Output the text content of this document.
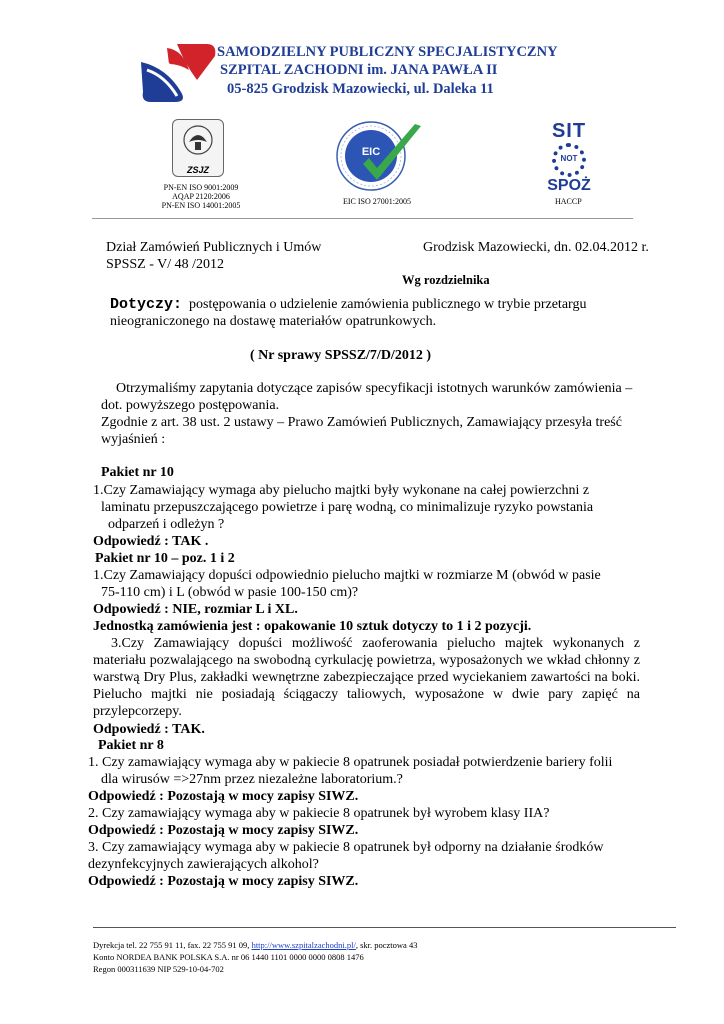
SAMODZIELNY PUBLICZNY SPECJALISTYCZNY
SZPITAL ZACHODNI im. JANA PAWŁA II
05-825 Grodzisk Mazowiecki, ul. Daleka 11
ZSJZ
PN-EN ISO 9001:2009
AQAP 2120:2006
PN-EN ISO 14001:2005
EIC
EIC ISO 27001:2005
SIT
NOT
SPOŻ
HACCP
Dział Zamówień Publicznych i Umów	Grodzisk Mazowiecki, dn. 02.04.2012 r.
SPSSZ - V/ 48 /2012
Wg rozdzielnika
Dotyczy: postępowania o udzielenie zamówienia publicznego w trybie przetargu
nieograniczonego na dostawę materiałów opatrunkowych.
( Nr sprawy SPSSZ/7/D/2012 )
Otrzymaliśmy zapytania dotyczące zapisów specyfikacji istotnych warunków zamówienia –
dot. powyższego postępowania.
Zgodnie z art. 38 ust. 2 ustawy – Prawo Zamówień Publicznych, Zamawiający przesyła treść
wyjaśnień :
Pakiet nr 10
1.Czy Zamawiający wymaga aby pielucho majtki były wykonane na całej powierzchni z
laminatu przepuszczającego powietrze i parę wodną, co minimalizuje ryzyko powstania
odparzeń i odleżyn ?
Odpowiedź : TAK .
Pakiet nr 10 – poz. 1 i 2
1.Czy Zamawiający dopuści odpowiednio pielucho majtki w rozmiarze M (obwód w pasie
75-110 cm) i L (obwód w pasie 100-150 cm)?
Odpowiedź : NIE, rozmiar L i XL.
Jednostką zamówienia jest : opakowanie 10 sztuk dotyczy to 1 i 2 pozycji.
3.Czy Zamawiający dopuści możliwość zaoferowania pielucho majtek wykonanych z materiału pozwalającego na swobodną cyrkulację powietrza, wyposażonych we wkład chłonny z warstwą Dry Plus, zakładki wewnętrzne zabezpieczające przed wyciekaniem zawartości na boki. Pielucho majtki nie posiadają ściągaczy taliowych, wyposażone w dwie pary zapięć na przylepcorzepy.
Odpowiedź : TAK.
Pakiet nr 8
1. Czy zamawiający wymaga aby w pakiecie 8 opatrunek posiadał potwierdzenie bariery folii
dla wirusów =>27nm przez niezależne laboratorium.?
Odpowiedź : Pozostają w mocy zapisy SIWZ.
2. Czy zamawiający wymaga aby w pakiecie 8 opatrunek był wyrobem klasy IIA?
Odpowiedź : Pozostają w mocy zapisy SIWZ.
3. Czy zamawiający wymaga aby w pakiecie 8 opatrunek był odporny na działanie środków
dezynfekcyjnych zawierających alkohol?
Odpowiedź : Pozostają w mocy zapisy SIWZ.
Dyrekcja tel. 22 755 91 11, fax. 22 755 91 09, http://www.szpitalzachodni.pl/, skr. pocztowa 43
Konto NORDEA BANK POLSKA S.A. nr 06 1440 1101 0000 0000 0808 1476
Regon 000311639 NIP 529-10-04-702
